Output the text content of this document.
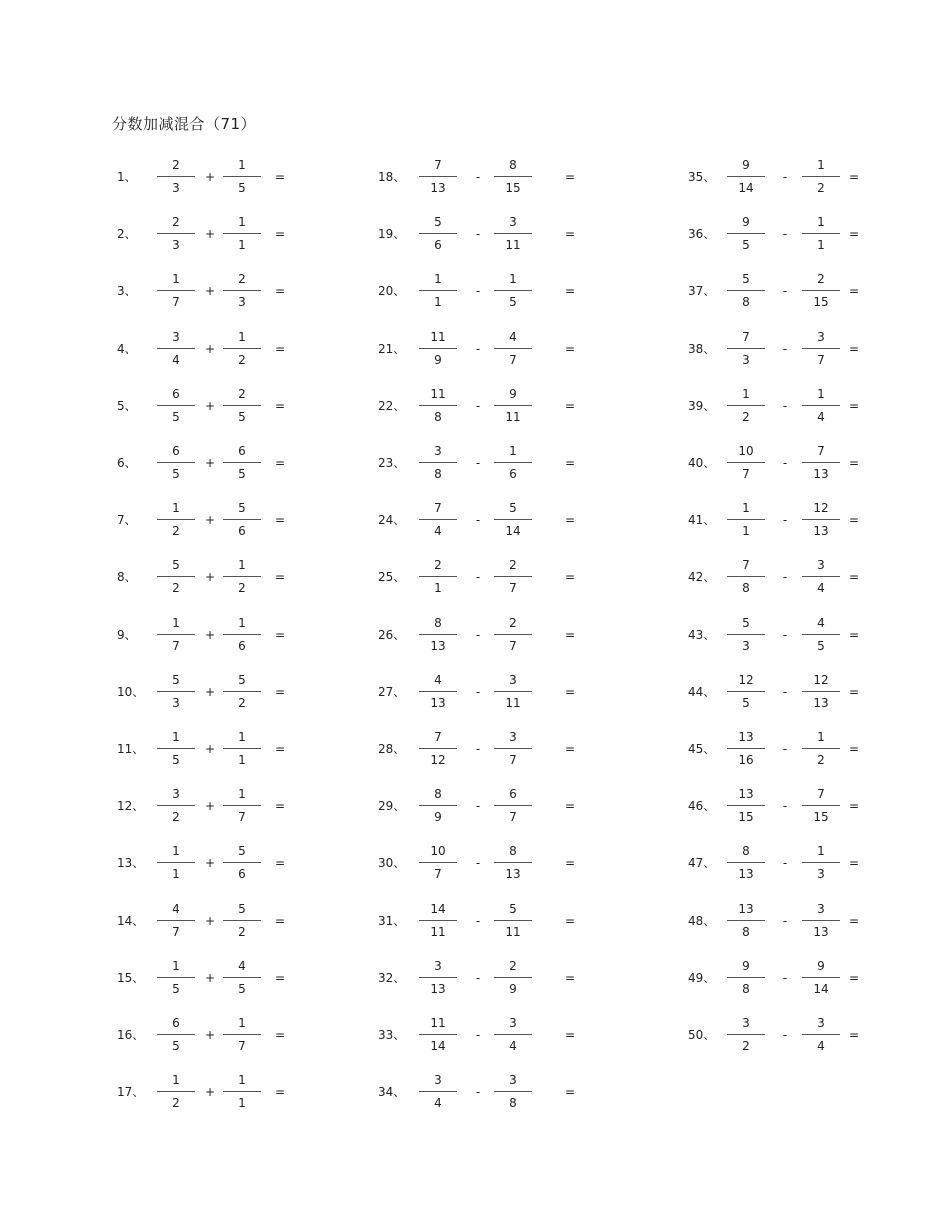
分数加减混合（71）
1、
2
3
+
1
5
=
2、
2
3
+
1
1
=
3、
1
7
+
2
3
=
4、
3
4
+
1
2
=
5、
6
5
+
2
5
=
6、
6
5
+
6
5
=
7、
1
2
+
5
6
=
8、
5
2
+
1
2
=
9、
1
7
+
1
6
=
10、
5
3
+
5
2
=
11、
1
5
+
1
1
=
12、
3
2
+
1
7
=
13、
1
1
+
5
6
=
14、
4
7
+
5
2
=
15、
1
5
+
4
5
=
16、
6
5
+
1
7
=
17、
1
2
+
1
1
=
18、
7
13
-
8
15
=
19、
5
6
-
3
11
=
20、
1
1
-
1
5
=
21、
11
9
-
4
7
=
22、
11
8
-
9
11
=
23、
3
8
-
1
6
=
24、
7
4
-
5
14
=
25、
2
1
-
2
7
=
26、
8
13
-
2
7
=
27、
4
13
-
3
11
=
28、
7
12
-
3
7
=
29、
8
9
-
6
7
=
30、
10
7
-
8
13
=
31、
14
11
-
5
11
=
32、
3
13
-
2
9
=
33、
11
14
-
3
4
=
34、
3
4
-
3
8
=
35、
9
14
-
1
2
=
36、
9
5
-
1
1
=
37、
5
8
-
2
15
=
38、
7
3
-
3
7
=
39、
1
2
-
1
4
=
40、
10
7
-
7
13
=
41、
1
1
-
12
13
=
42、
7
8
-
3
4
=
43、
5
3
-
4
5
=
44、
12
5
-
12
13
=
45、
13
16
-
1
2
=
46、
13
15
-
7
15
=
47、
8
13
-
1
3
=
48、
13
8
-
3
13
=
49、
9
8
-
9
14
=
50、
3
2
-
3
4
=
